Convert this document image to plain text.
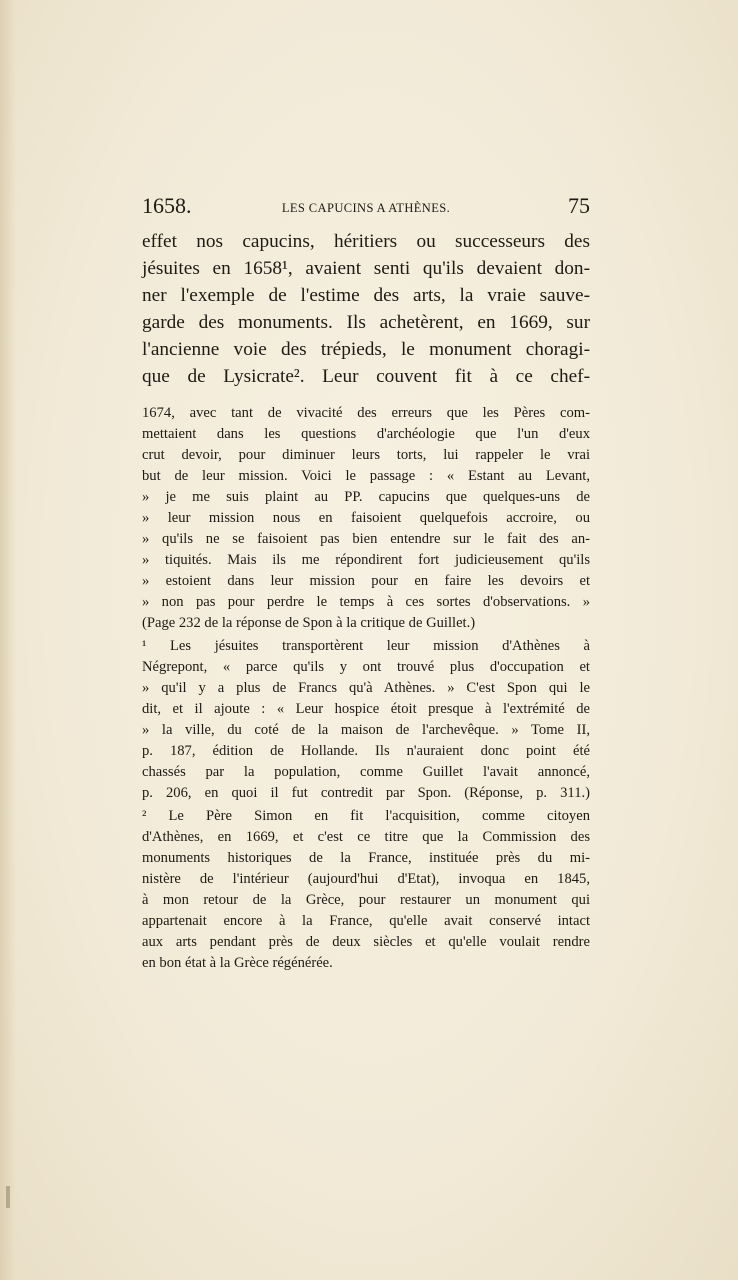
1658.	LES CAPUCINS A ATHÈNES.	75

effet nos capucins, héritiers ou successeurs des

jésuites en 1658¹, avaient senti qu'ils devaient don-

ner l'exemple de l'estime des arts, la vraie sauve-

garde des monuments. Ils achetèrent, en 1669, sur

l'ancienne voie des trépieds, le monument choragi-

que de Lysicrate². Leur couvent fit à ce chef-

1674, avec tant de vivacité des erreurs que les Pères com-

mettaient dans les questions d'archéologie que l'un d'eux

crut devoir, pour diminuer leurs torts, lui rappeler le vrai

but de leur mission. Voici le passage : « Estant au Levant,

» je me suis plaint au PP. capucins que quelques-uns de

» leur mission nous en faisoient quelquefois accroire, ou

» qu'ils ne se faisoient pas bien entendre sur le fait des an-

» tiquités. Mais ils me répondirent fort judicieusement qu'ils

» estoient dans leur mission pour en faire les devoirs et

» non pas pour perdre le temps à ces sortes d'observations. »

(Page 232 de la réponse de Spon à la critique de Guillet.)

¹ Les jésuites transportèrent leur mission d'Athènes à

Négrepont, « parce qu'ils y ont trouvé plus d'occupation et

» qu'il y a plus de Francs qu'à Athènes. » C'est Spon qui le

dit, et il ajoute : « Leur hospice étoit presque à l'extrémité de

» la ville, du coté de la maison de l'archevêque. » Tome II,

p. 187, édition de Hollande. Ils n'auraient donc point été

chassés par la population, comme Guillet l'avait annoncé,

p. 206, en quoi il fut contredit par Spon. (Réponse, p. 311.)

² Le Père Simon en fit l'acquisition, comme citoyen

d'Athènes, en 1669, et c'est ce titre que la Commission des

monuments historiques de la France, instituée près du mi-

nistère de l'intérieur (aujourd'hui d'Etat), invoqua en 1845,

à mon retour de la Grèce, pour restaurer un monument qui

appartenait encore à la France, qu'elle avait conservé intact

aux arts pendant près de deux siècles et qu'elle voulait rendre

en bon état à la Grèce régénérée.
